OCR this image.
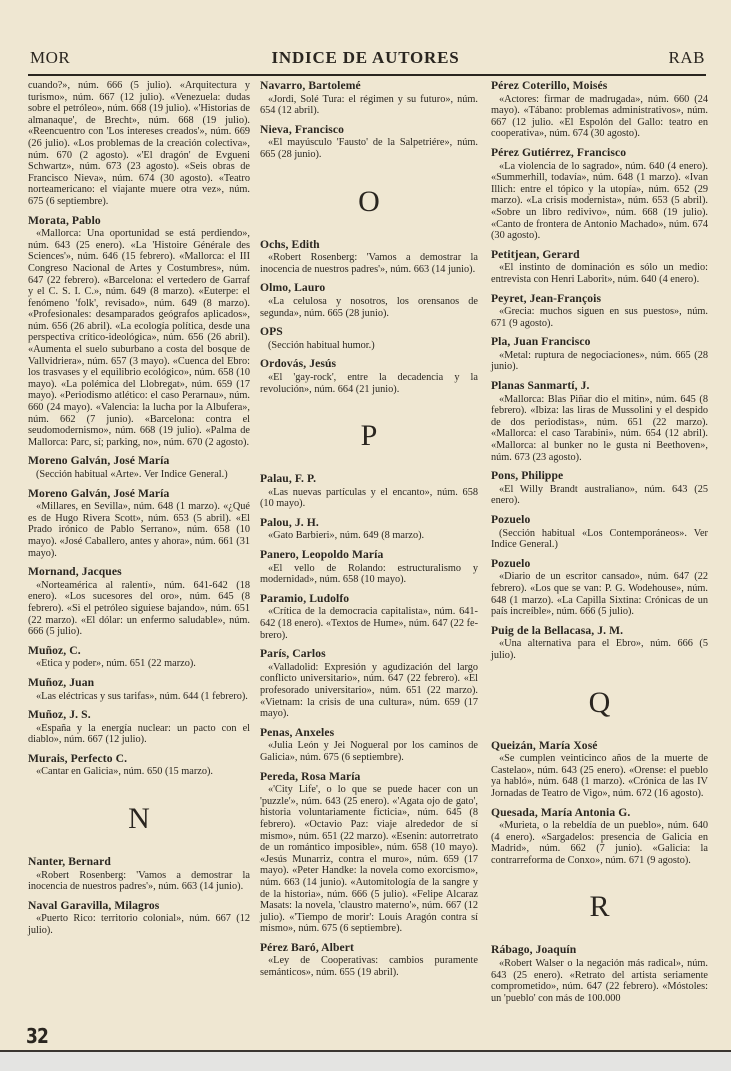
MOR	INDICE DE AUTORES	RAB
cuando?», núm. 666 (5 julio). «Arquitectura y turismo», núm. 667 (12 julio). «Venezuela: dudas sobre el petróleo», núm. 668 (19 julio). «'Historias de almanaque', de Brecht», núm. 668 (19 julio). «Reencuentro con 'Los intereses creados'», núm. 669 (26 julio). «Los problemas de la creación colectiva», núm. 670 (2 agosto). «'El dragón' de Evgueni Schwartz», núm. 673 (23 agosto). «Seis obras de Francisco Nieva», núm. 674 (30 agosto). «Teatro norteamericano: el viajante muere otra vez», núm. 675 (6 septiembre).
Morata, Pablo
«Mallorca: Una oportunidad se está perdiendo», núm. 643 (25 enero). «La 'Histoire Générale des Sciences'», núm. 646 (15 febrero). «Mallorca: el III Congreso Nacional de Artes y Costumbres», núm. 647 (22 febrero). «Barcelona: el vertedero de Garraf y el C. S. I. C.», núm. 649 (8 marzo). «Euterpe: el fenómeno 'folk', revisado», núm. 649 (8 marzo). «Profesionales: desamparados geógrafos aplicados», núm. 656 (26 abril). «La ecología política, desde una perspectiva crítico-ideológica», núm. 656 (26 abril). «Aumenta el suelo suburbano a costa del bosque de Vallvidriera», núm. 657 (3 mayo). «Cuenca del Ebro: los trasvases y el equilibrio ecológico», núm. 658 (10 mayo). «La polémica del Llobregat», núm. 659 (17 mayo). «Periodismo atlético: el caso Perarnau», núm. 660 (24 mayo). «Valencia: la lucha por la Albufera», núm. 662 (7 junio). «Barcelona: contra el seudomodernismo», núm. 668 (19 julio). «Palma de Mallorca: Parc, sí; parking, no», núm. 670 (2 agosto).
Moreno Galván, José María
(Sección habitual «Arte». Ver Indice General.)
Moreno Galván, José María
«Millares, en Sevilla», núm. 648 (1 marzo). «¿Qué es de Hugo Rivera Scott», núm. 653 (5 abril). «El Prado irónico de Pablo Serrano», núm. 658 (10 mayo). «José Caballero, antes y ahora», núm. 661 (31 mayo).
Mornand, Jacques
«Norteamérica al ralentí», núm. 641-642 (18 enero). «Los sucesores del oro», núm. 645 (8 febrero). «Si el petróleo siguiese bajando», núm. 651 (22 marzo). «El dólar: un enfermo saludable», núm. 666 (5 julio).
Muñoz, C.
«Etica y poder», núm. 651 (22 marzo).
Muñoz, Juan
«Las eléctricas y sus tarifas», núm. 644 (1 febrero).
Muñoz, J. S.
«España y la energía nuclear: un pacto con el diablo», núm. 667 (12 julio).
Murais, Perfecto C.
«Cantar en Galicia», núm. 650 (15 marzo).
N
Nanter, Bernard
«Robert Rosenberg: 'Vamos a demostrar la inocencia de nuestros padres'», núm. 663 (14 junio).
Naval Garavilla, Milagros
«Puerto Rico: territorio colonial», núm. 667 (12 julio).
Navarro, Bartolemé
«Jordi, Solé Tura: el régimen y su futuro», núm. 654 (12 abril).
Nieva, Francisco
«El mayúsculo 'Fausto' de la Salpetriére», núm. 665 (28 junio).
O
Ochs, Edith
«Robert Rosenberg: 'Vamos a demostrar la inocencia de nuestros padres'», núm. 663 (14 junio).
Olmo, Lauro
«La celulosa y nosotros, los orensanos de segunda», núm. 665 (28 junio).
OPS
(Sección habitual humor.)
Ordovás, Jesús
«El 'gay-rock', entre la decadencia y la revolución», núm. 664 (21 junio).
P
Palau, F. P.
«Las nuevas partículas y el encanto», núm. 658 (10 mayo).
Palou, J. H.
«Gato Barbieri», núm. 649 (8 marzo).
Panero, Leopoldo María
«El vello de Rolando: estructuralismo y modernidad», núm. 658 (10 mayo).
Paramio, Ludolfo
«Crítica de la democracia capitalista», núm. 641-642 (18 enero). «Textos de Hume», núm. 647 (22 fe-brero).
París, Carlos
«Valladolid: Expresión y agudización del largo conflicto universitario», núm. 647 (22 febrero). «El profesorado universitario», núm. 651 (22 marzo). «Vietnam: la crisis de una cultura», núm. 659 (17 mayo).
Penas, Anxeles
«Julia León y Jei Nogueral por los caminos de Galicia», núm. 675 (6 septiembre).
Pereda, Rosa María
«'City Life', o lo que se puede hacer con un 'puzzle'», núm. 643 (25 enero). «'Agata ojo de gato', historia voluntariamente ficticia», núm. 645 (8 febrero). «Octavio Paz: viaje alrededor de sí mismo», núm. 651 (22 marzo). «Esenin: autorretrato de un romántico imposible», núm. 658 (10 mayo). «Jesús Munarriz, contra el muro», núm. 659 (17 mayo). «Peter Handke: la novela como exorcismo», núm. 663 (14 junio). «Automitología de la sangre y de la historia», núm. 666 (5 julio). «Felipe Alcaraz Masats: la novela, 'claustro materno'», núm. 667 (12 julio). «'Tiempo de morir': Louis Aragón contra sí mismo», núm. 675 (6 septiembre).
Pérez Baró, Albert
«Ley de Cooperativas: cambios puramente semánticos», núm. 655 (19 abril).
Pérez Coterillo, Moisés
«Actores: firmar de madrugada», núm. 660 (24 mayo). «Tábano: problemas administrativos», núm. 667 (12 julio. «El Espolón del Gallo: teatro en cooperativa», núm. 674 (30 agosto).
Pérez Gutiérrez, Francisco
«La violencia de lo sagrado», núm. 640 (4 enero). «Summerhill, todavía», núm. 648 (1 marzo). «Ivan Illich: entre el tópico y la utopía», núm. 652 (29 marzo). «La crisis modernista», núm. 653 (5 abril). «Sobre un libro redivivo», núm. 668 (19 julio). «Canto de frontera de Antonio Machado», núm. 674 (30 agosto).
Petitjean, Gerard
«El instinto de dominación es sólo un medio: entrevista con Henri Laborit», núm. 640 (4 enero).
Peyret, Jean-François
«Grecia: muchos siguen en sus puestos», núm. 671 (9 agosto).
Pla, Juan Francisco
«Metal: ruptura de negociaciones», núm. 665 (28 junio).
Planas Sanmartí, J.
«Mallorca: Blas Piñar dio el mitin», núm. 645 (8 febrero). «Ibiza: las liras de Mussolini y el despido de dos periodistas», núm. 651 (22 marzo). «Mallorca: el caso Tarabini», núm. 654 (12 abril). «Mallorca: al bunker no le gusta ni Beethoven», núm. 673 (23 agosto).
Pons, Philippe
«El Willy Brandt australiano», núm. 643 (25 enero).
Pozuelo
(Sección habitual «Los Contemporáneos». Ver Indice General.)
Pozuelo
«Diario de un escritor cansado», núm. 647 (22 febrero). «Los que se van: P. G. Wodehouse», núm. 648 (1 marzo). «La Capilla Sixtina: Crónicas de un país increíble», núm. 666 (5 julio).
Puig de la Bellacasa, J. M.
«Una alternativa para el Ebro», núm. 666 (5 julio).
Q
Queizán, María Xosé
«Se cumplen veinticinco años de la muerte de Castelao», núm. 643 (25 enero). «Orense: el pueblo ya habló», núm. 648 (1 marzo). «Crónica de las IV Jornadas de Teatro de Vigo», núm. 672 (16 agosto).
Quesada, María Antonia G.
«Murieta, o la rebeldía de un pueblo», núm. 640 (4 enero). «Sargadelos: presencia de Galicia en Madrid», núm. 662 (7 junio). «Galicia: la contrarreforma de Conxo», núm. 671 (9 agosto).
R
Rábago, Joaquín
«Robert Walser o la negación más radical», núm. 643 (25 enero). «Retrato del artista seriamente comprometido», núm. 647 (22 febrero). «Móstoles: un 'pueblo' con más de 100.000
32
